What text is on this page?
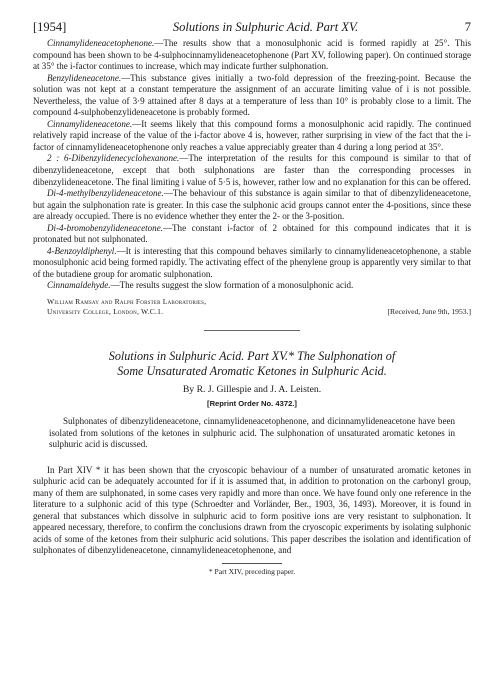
[1954]	Solutions in Sulphuric Acid. Part XV.	7

Cinnamylideneacetophenone.—The results show that a monosulphonic acid is formed rapidly at 25°. This compound has been shown to be 4-sulphocinnamylideneacetophenone (Part XV, following paper). On continued storage at 35° the i-factor continues to increase, which may indicate further sulphonation.

Benzylideneacetone.—This substance gives initially a two-fold depression of the freezing-point. Because the solution was not kept at a constant temperature the assignment of an accurate limiting value of i is not possible. Nevertheless, the value of 3·9 attained after 8 days at a temperature of less than 10° is probably close to a limit. The compound 4-sulphobenzylideneacetone is probably formed.

Cinnamylideneacetone.—It seems likely that this compound forms a monosulphonic acid rapidly. The continued relatively rapid increase of the value of the i-factor above 4 is, however, rather surprising in view of the fact that the i-factor of cinnamylideneacetophenone only reaches a value appreciably greater than 4 during a long period at 35°.

2 : 6-Dibenzylidenecyclohexanone.—The interpretation of the results for this compound is similar to that of dibenzylideneacetone, except that both sulphonations are faster than the corresponding processes in dibenzylideneacetone. The final limiting i value of 5·5 is, however, rather low and no explanation for this can be offered.

Di-4-methylbenzylideneacetone.—The behaviour of this substance is again similar to that of dibenzylideneacetone, but again the sulphonation rate is greater. In this case the sulphonic acid groups cannot enter the 4-positions, since these are already occupied. There is no evidence whether they enter the 2- or the 3-position.

Di-4-bromobenzylideneacetone.—The constant i-factor of 2 obtained for this compound indicates that it is protonated but not sulphonated.

4-Benzoyldiphenyl.—It is interesting that this compound behaves similarly to cinnamylideneacetophenone, a stable monosulphonic acid being formed rapidly. The activating effect of the phenylene group is apparently very similar to that of the butadiene group for aromatic sulphonation.

Cinnamaldehyde.—The results suggest the slow formation of a monosulphonic acid.

William Ramsay and Ralph Forster Laboratories,
University College, London, W.C.1.	[Received, June 9th, 1953.]
Solutions in Sulphuric Acid. Part XV.* The Sulphonation of
Some Unsaturated Aromatic Ketones in Sulphuric Acid.
By R. J. Gillespie and J. A. Leisten.
[Reprint Order No. 4372.]

Sulphonates of dibenzylideneacetone, cinnamylideneacetophenone, and dicinnamylideneacetone have been isolated from solutions of the ketones in sulphuric acid. The sulphonation of unsaturated aromatic ketones in sulphuric acid is discussed.

In Part XIV * it has been shown that the cryoscopic behaviour of a number of unsaturated aromatic ketones in sulphuric acid can be adequately accounted for if it is assumed that, in addition to protonation on the carbonyl group, many of them are sulphonated, in some cases very rapidly and more than once. We have found only one reference in the literature to a sulphonic acid of this type (Schroedter and Vorländer, Ber., 1903, 36, 1493). Moreover, it is found in general that substances which dissolve in sulphuric acid to form positive ions are very resistant to sulphonation. It appeared necessary, therefore, to confirm the conclusions drawn from the cryoscopic experiments by isolating sulphonic acids of some of the ketones from their sulphuric acid solutions. This paper describes the isolation and identification of sulphonates of dibenzylideneacetone, cinnamylideneacetophenone, and

* Part XIV, preceding paper.
